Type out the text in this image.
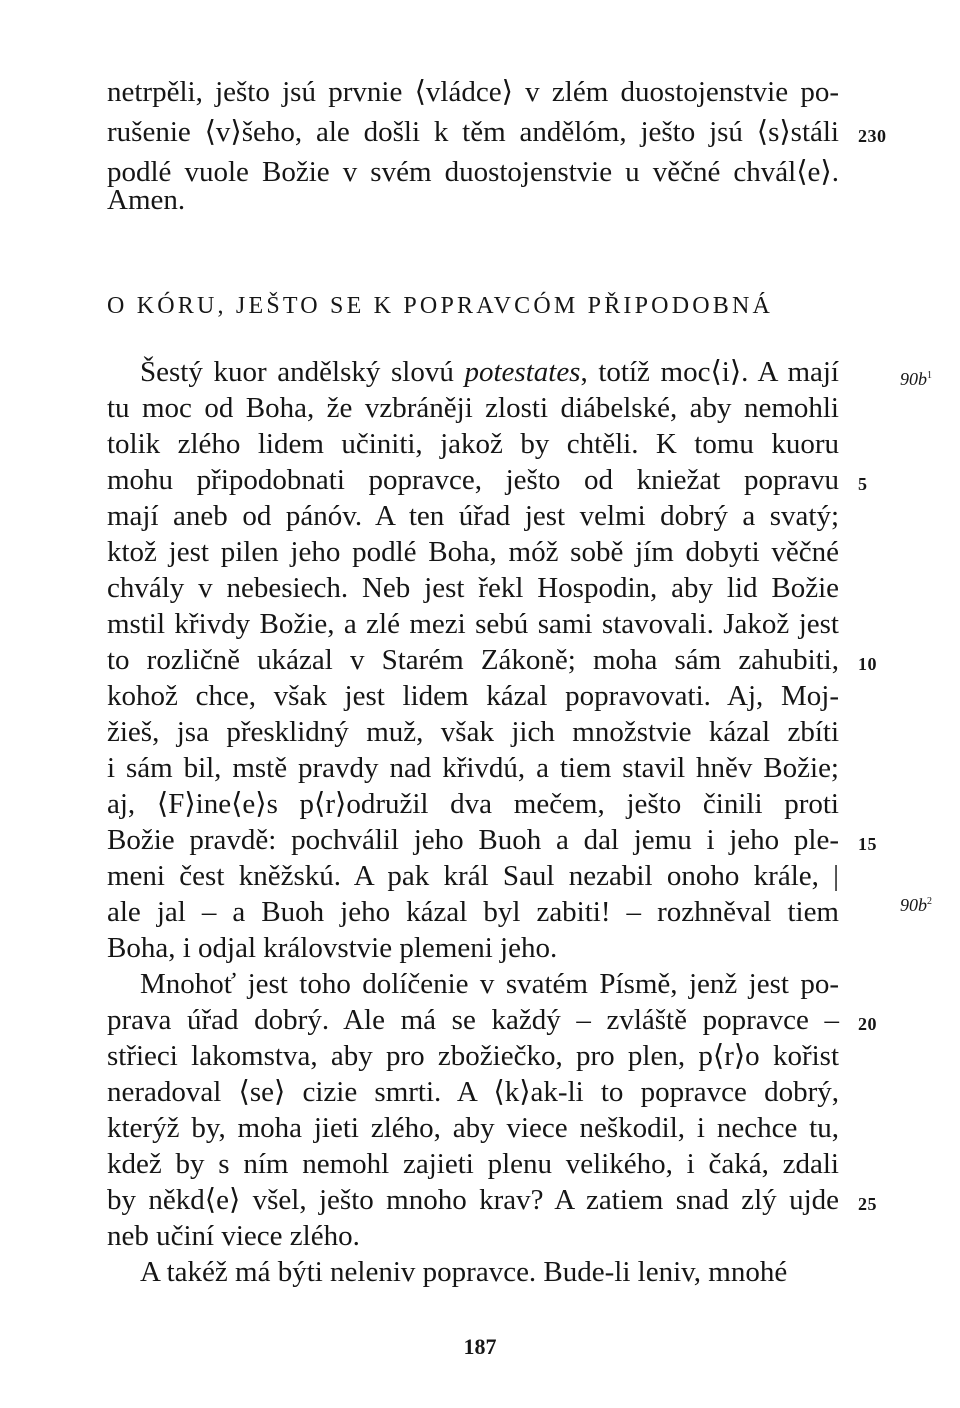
netrpěli, ješto jsú prvnie ⟨vládce⟩ v zlém duostojenstvie po-
rušenie ⟨v⟩šeho, ale došli k těm andělóm, ješto jsú ⟨s⟩stáli
podlé vuole Božie v svém duostojenstvie u věčné chvál⟨e⟩.
Amen.
O KÓRU, JEŠTO SE K POPRAVCÓM PŘIPODOBNÁ
Šestý kuor andělský slovú potestates, totíž moc⟨i⟩. A mají
tu moc od Boha, že vzbráněji zlosti diábelské, aby nemohli
tolik zlého lidem učiniti, jakož by chtěli. K tomu kuoru
mohu připodobnati popravce, ješto od kniežat popravu
mají aneb od pánóv. A ten úřad jest velmi dobrý a svatý;
ktož jest pilen jeho podlé Boha, móž sobě jím dobyti věčné
chvály v nebesiech. Neb jest řekl Hospodin, aby lid Božie
mstil křivdy Božie, a zlé mezi sebú sami stavovali. Jakož jest
to rozličně ukázal v Starém Zákoně; moha sám zahubiti,
kohož chce, však jest lidem kázal popravovati. Aj, Moj-
žieš, jsa přesklidný muž, však jich množstvie kázal zbíti
i sám bil, mstě pravdy nad křivdú, a tiem stavil hněv Božie;
aj, ⟨F⟩ine⟨e⟩s p⟨r⟩odružil dva mečem, ješto činili proti
Božie pravdě: pochválil jeho Buoh a dal jemu i jeho ple-
meni čest kněžskú. A pak král Saul nezabil onoho krále, |
ale jal – a Buoh jeho kázal byl zabiti! – rozhněval tiem
Boha, i odjal královstvie plemeni jeho.
Mnohoť jest toho dolíčenie v svatém Písmě, jenž jest po-
prava úřad dobrý. Ale má se každý – zvláště popravce –
střieci lakomstva, aby pro zbožiečko, pro plen, p⟨r⟩o kořist
neradoval ⟨se⟩ cizie smrti. A ⟨k⟩ak-li to popravce dobrý,
kterýž by, moha jieti zlého, aby viece neškodil, i nechce tu,
kdež by s ním nemohl zajieti plenu velikého, i čaká, zdali
by někd⟨e⟩ všel, ješto mnoho krav? A zatiem snad zlý ujde
neb učiní viece zlého.
A takéž má býti neleniv popravce. Bude-li leniv, mnohé
230
5
10
15
20
25
$90b^1$
$90b^2$
187
